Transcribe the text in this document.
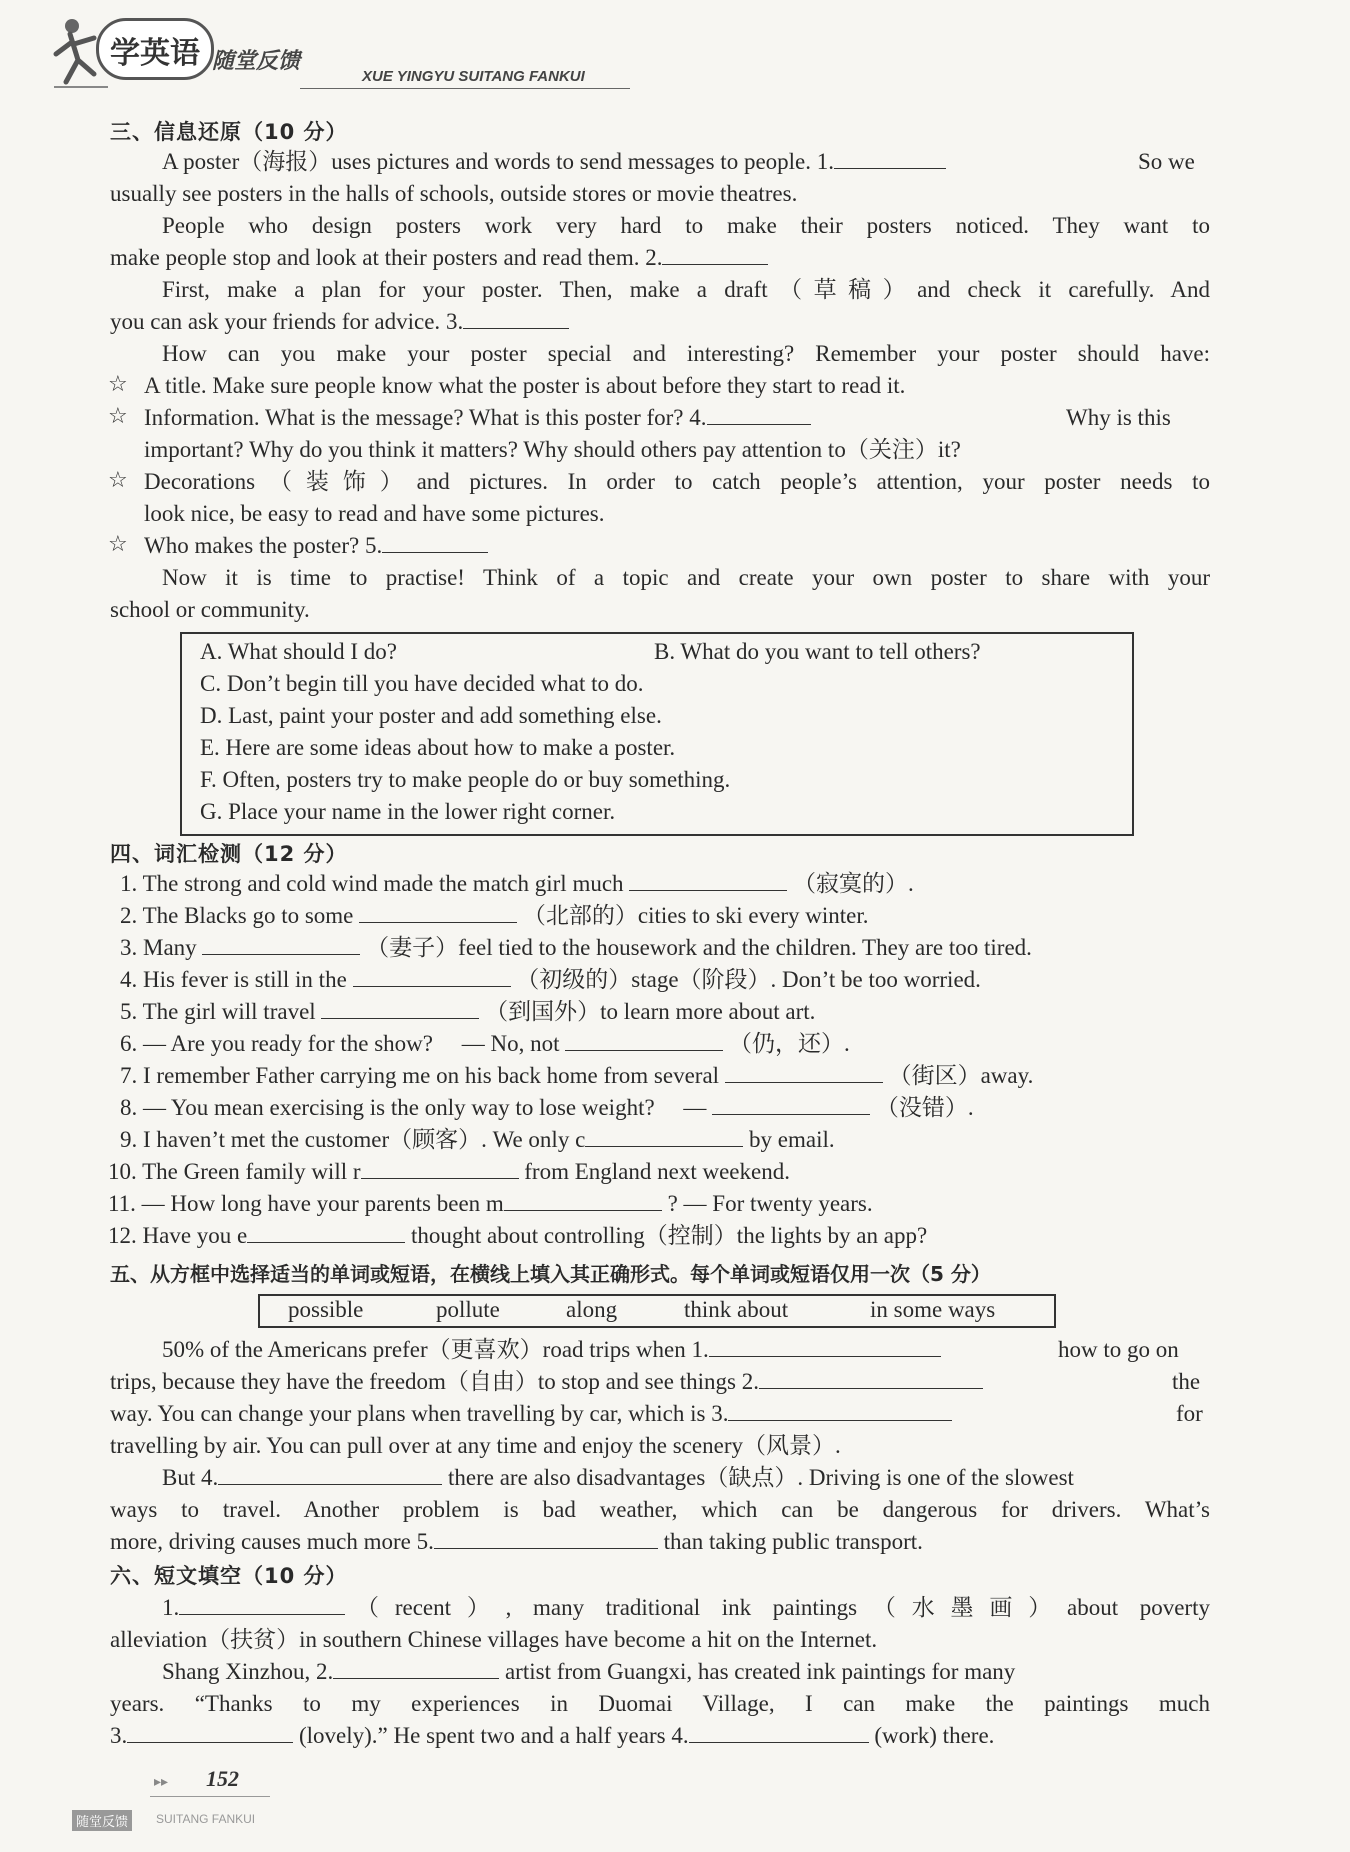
学英语 随堂反馈
XUE YINGYU SUITANG FANKUI
三、信息还原（10 分）
A poster（海报）uses pictures and words to send messages to people. 1.	So we
usually see posters in the halls of schools, outside stores or movie theatres.
People who design posters work very hard to make their posters noticed. They want to
make people stop and look at their posters and read them. 2.
First, make a plan for your poster. Then, make a draft（草稿）and check it carefully. And
you can ask your friends for advice. 3.
How can you make your poster special and interesting? Remember your poster should have:
☆ A title. Make sure people know what the poster is about before they start to read it.
☆ Information. What is the message? What is this poster for? 4.	Why is this
important? Why do you think it matters? Why should others pay attention to（关注）it?
☆ Decorations（装饰）and pictures. In order to catch people’s attention, your poster needs to
look nice, be easy to read and have some pictures.
☆ Who makes the poster? 5.
Now it is time to practise! Think of a topic and create your own poster to share with your
school or community.
A. What should I do?	B. What do you want to tell others?
C. Don’t begin till you have decided what to do.
D. Last, paint your poster and add something else.
E. Here are some ideas about how to make a poster.
F. Often, posters try to make people do or buy something.
G. Place your name in the lower right corner.
四、词汇检测（12 分）
1. The strong and cold wind made the match girl much	（寂寞的）.
2. The Blacks go to some	（北部的）cities to ski every winter.
3. Many	（妻子）feel tied to the housework and the children. They are too tired.
4. His fever is still in the	（初级的）stage（阶段）. Don’t be too worried.
5. The girl will travel	（到国外）to learn more about art.
6. — Are you ready for the show?　 — No, not	（仍，还）.
7. I remember Father carrying me on his back home from several	（街区）away.
8. — You mean exercising is the only way to lose weight?　 —	（没错）.
9. I haven’t met the customer（顾客）. We only c	by email.
10. The Green family will r	from England next weekend.
11. — How long have your parents been m	? — For twenty years.
12. Have you e	thought about controlling（控制）the lights by an app?
五、从方框中选择适当的单词或短语，在横线上填入其正确形式。每个单词或短语仅用一次（5 分）
possible	pollute	along	think about	in some ways
50% of the Americans prefer（更喜欢）road trips when 1.	how to go on
trips, because they have the freedom（自由）to stop and see things 2.	the
way. You can change your plans when travelling by car, which is 3.	for
travelling by air. You can pull over at any time and enjoy the scenery（风景）.
But 4.	there are also disadvantages（缺点）. Driving is one of the slowest
ways to travel. Another problem is bad weather, which can be dangerous for drivers. What’s
more, driving causes much more 5.	than taking public transport.
六、短文填空（10 分）
1.	（recent）, many traditional ink paintings（水墨画）about poverty
alleviation（扶贫）in southern Chinese villages have become a hit on the Internet.
Shang Xinzhou, 2.	artist from Guangxi, has created ink paintings for many
years. “Thanks to my experiences in Duomai Village, I can make the paintings much
3.	(lovely).” He spent two and a half years 4.	(work) there.
▸▸ 152
随堂反馈	SUITANG FANKUI
